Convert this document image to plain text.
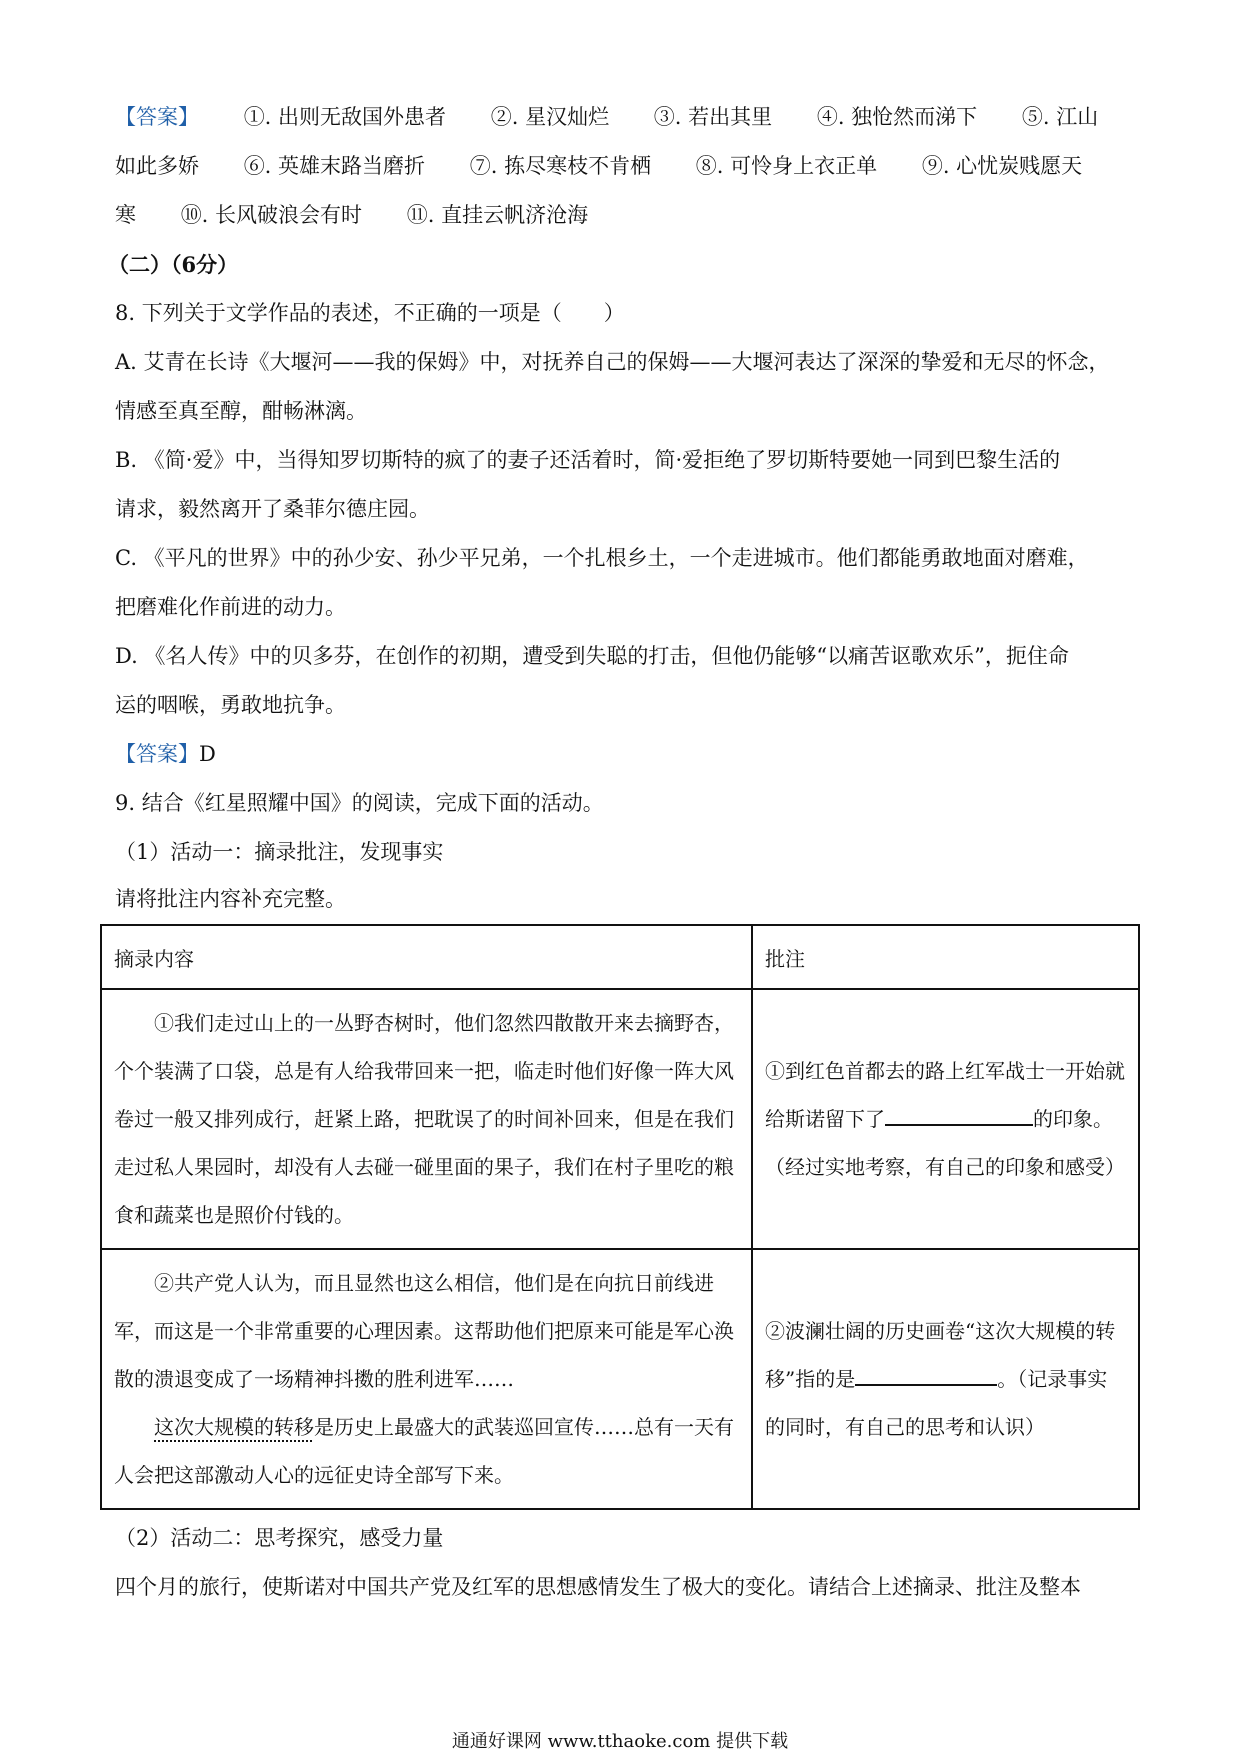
【答案】 ①. 出则无敌国外患者 ②. 星汉灿烂 ③. 若出其里 ④. 独怆然而涕下 ⑤. 江山
如此多娇 ⑥. 英雄末路当磨折 ⑦. 拣尽寒枝不肯栖 ⑧. 可怜身上衣正单 ⑨. 心忧炭贱愿天
寒 ⑩. 长风破浪会有时 ⑪. 直挂云帆济沧海
（二）（6分）
8. 下列关于文学作品的表述，不正确的一项是（　　）
A. 艾青在长诗《大堰河——我的保姆》中，对抚养自己的保姆——大堰河表达了深深的挚爱和无尽的怀念，
情感至真至醇，酣畅淋漓。
B. 《简·爱》中，当得知罗切斯特的疯了的妻子还活着时，简·爱拒绝了罗切斯特要她一同到巴黎生活的
请求，毅然离开了桑菲尔德庄园。
C. 《平凡的世界》中的孙少安、孙少平兄弟，一个扎根乡土，一个走进城市。他们都能勇敢地面对磨难，
把磨难化作前进的动力。
D. 《名人传》中的贝多芬，在创作的初期，遭受到失聪的打击，但他仍能够“以痛苦讴歌欢乐”，扼住命
运的咽喉，勇敢地抗争。
【答案】D
9. 结合《红星照耀中国》的阅读，完成下面的活动。
（1）活动一：摘录批注，发现事实
请将批注内容补充完整。
摘录内容	批注

①我们走过山上的一丛野杏树时，他们忽然四散散开来去摘野杏，个个装满了口袋，总是有人给我带回来一把，临走时他们好像一阵大风卷过一般又排列成行，赶紧上路，把耽误了的时间补回来，但是在我们走过私人果园时，却没有人去碰一碰里面的果子，我们在村子里吃的粮食和蔬菜也是照价付钱的。	①到红色首都去的路上红军战士一开始就给斯诺留下了 的印象。（经过实地考察，有自己的印象和感受）

②共产党人认为，而且显然也这么相信，他们是在向抗日前线进军，而这是一个非常重要的心理因素。这帮助他们把原来可能是军心涣散的溃退变成了一场精神抖擞的胜利进军……
这次大规模的转移是历史上最盛大的武装巡回宣传……总有一天有人会把这部激动人心的远征史诗全部写下来。	②波澜壮阔的历史画卷“这次大规模的转移”指的是 。（记录事实的同时，有自己的思考和认识）
（2）活动二：思考探究，感受力量
四个月的旅行，使斯诺对中国共产党及红军的思想感情发生了极大的变化。请结合上述摘录、批注及整本
通通好课网 www.tthaoke.com 提供下载
